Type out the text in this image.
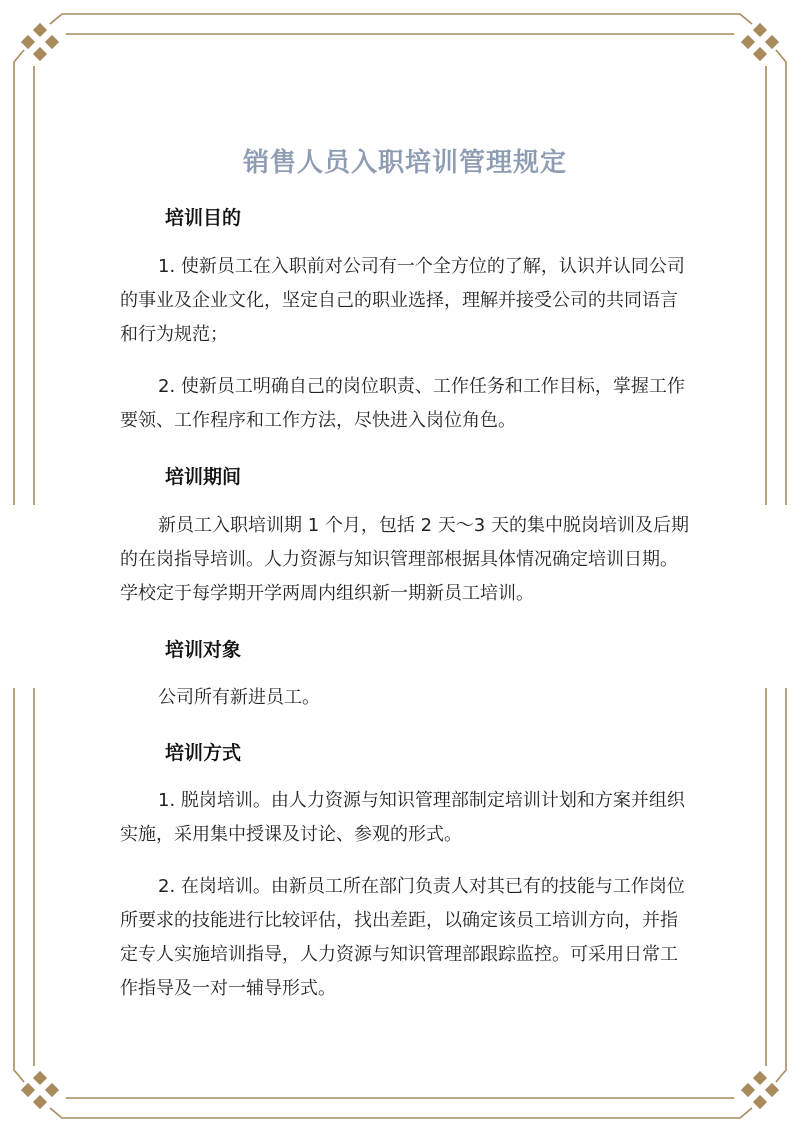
销售人员入职培训管理规定
培训目的

1. 使新员工在入职前对公司有一个全方位的了解，认识并认同公司的事业及企业文化，坚定自己的职业选择，理解并接受公司的共同语言和行为规范；

2. 使新员工明确自己的岗位职责、工作任务和工作目标，掌握工作要领、工作程序和工作方法，尽快进入岗位角色。

培训期间

新员工入职培训期 1 个月，包括 2 天～3 天的集中脱岗培训及后期的在岗指导培训。人力资源与知识管理部根据具体情况确定培训日期。学校定于每学期开学两周内组织新一期新员工培训。

培训对象

公司所有新进员工。

培训方式

1. 脱岗培训。由人力资源与知识管理部制定培训计划和方案并组织实施，采用集中授课及讨论、参观的形式。

2. 在岗培训。由新员工所在部门负责人对其已有的技能与工作岗位所要求的技能进行比较评估，找出差距，以确定该员工培训方向，并指定专人实施培训指导，人力资源与知识管理部跟踪监控。可采用日常工作指导及一对一辅导形式。
